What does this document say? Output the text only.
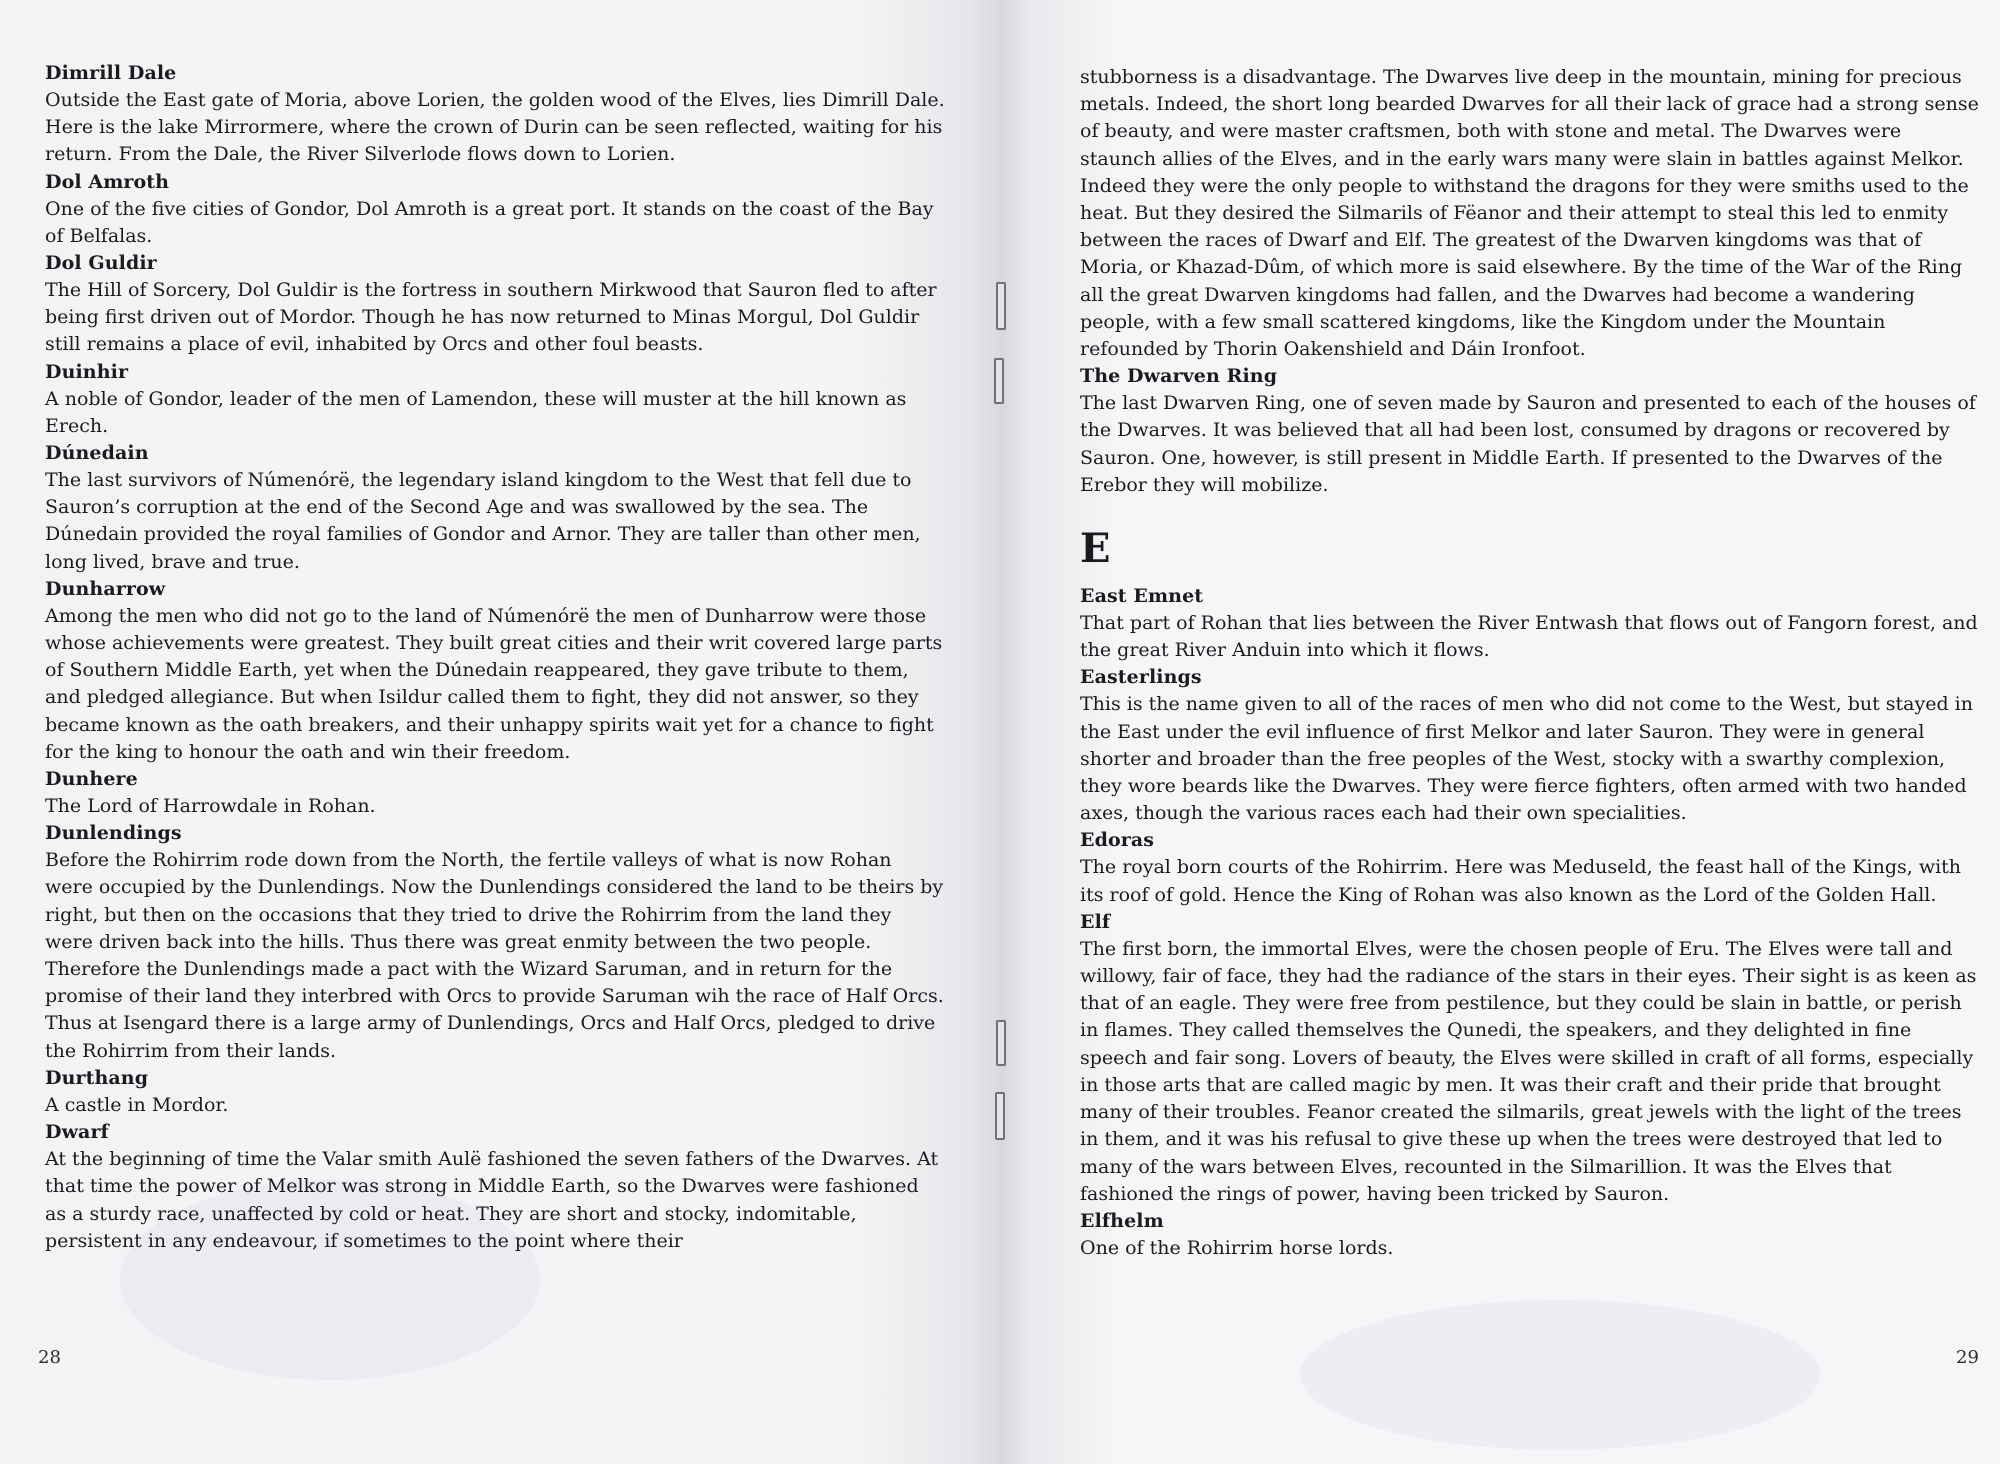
Dimrill Dale

Outside the East gate of Moria, above Lorien, the golden wood of the Elves, lies Dimrill Dale. Here is the lake Mirrormere, where the crown of Durin can be seen reflected, waiting for his return. From the Dale, the River Silverlode flows down to Lorien.

Dol Amroth

One of the five cities of Gondor, Dol Amroth is a great port. It stands on the coast of the Bay of Belfalas.

Dol Guldir

The Hill of Sorcery, Dol Guldir is the fortress in southern Mirkwood that Sauron fled to after being first driven out of Mordor. Though he has now returned to Minas Morgul, Dol Guldir still remains a place of evil, inhabited by Orcs and other foul beasts.

Duinhir

A noble of Gondor, leader of the men of Lamendon, these will muster at the hill known as Erech.

Dúnedain

The last survivors of Númenórë, the legendary island kingdom to the West that fell due to Sauron’s corruption at the end of the Second Age and was swallowed by the sea. The Dúnedain provided the royal families of Gondor and Arnor. They are taller than other men, long lived, brave and true.

Dunharrow

Among the men who did not go to the land of Númenórë the men of Dunharrow were those whose achievements were greatest. They built great cities and their writ covered large parts of Southern Middle Earth, yet when the Dúnedain reappeared, they gave tribute to them, and pledged allegiance. But when Isildur called them to fight, they did not answer, so they became known as the oath breakers, and their unhappy spirits wait yet for a chance to fight for the king to honour the oath and win their freedom.

Dunhere

The Lord of Harrowdale in Rohan.

Dunlendings

Before the Rohirrim rode down from the North, the fertile valleys of what is now Rohan were occupied by the Dunlendings. Now the Dunlendings considered the land to be theirs by right, but then on the occasions that they tried to drive the Rohirrim from the land they were driven back into the hills. Thus there was great enmity between the two people. Therefore the Dunlendings made a pact with the Wizard Saruman, and in return for the promise of their land they interbred with Orcs to provide Saruman wih the race of Half Orcs. Thus at Isengard there is a large army of Dunlendings, Orcs and Half Orcs, pledged to drive the Rohirrim from their lands.

Durthang

A castle in Mordor.

Dwarf

At the beginning of time the Valar smith Aulë fashioned the seven fathers of the Dwarves. At that time the power of Melkor was strong in Middle Earth, so the Dwarves were fashioned as a sturdy race, unaffected by cold or heat. They are short and stocky, indomitable, persistent in any endeavour, if sometimes to the point where their

28

stubborness is a disadvantage. The Dwarves live deep in the mountain, mining for precious metals. Indeed, the short long bearded Dwarves for all their lack of grace had a strong sense of beauty, and were master craftsmen, both with stone and metal. The Dwarves were staunch allies of the Elves, and in the early wars many were slain in battles against Melkor. Indeed they were the only people to withstand the dragons for they were smiths used to the heat. But they desired the Silmarils of Fëanor and their attempt to steal this led to enmity between the races of Dwarf and Elf. The greatest of the Dwarven kingdoms was that of Moria, or Khazad-Dûm, of which more is said elsewhere. By the time of the War of the Ring all the great Dwarven kingdoms had fallen, and the Dwarves had become a wandering people, with a few small scattered kingdoms, like the Kingdom under the Mountain refounded by Thorin Oakenshield and Dáin Ironfoot.

The Dwarven Ring

The last Dwarven Ring, one of seven made by Sauron and presented to each of the houses of the Dwarves. It was believed that all had been lost, consumed by dragons or recovered by Sauron. One, however, is still present in Middle Earth. If presented to the Dwarves of the Erebor they will mobilize.

E

East Emnet

That part of Rohan that lies between the River Entwash that flows out of Fangorn forest, and the great River Anduin into which it flows.

Easterlings

This is the name given to all of the races of men who did not come to the West, but stayed in the East under the evil influence of first Melkor and later Sauron. They were in general shorter and broader than the free peoples of the West, stocky with a swarthy complexion, they wore beards like the Dwarves. They were fierce fighters, often armed with two handed axes, though the various races each had their own specialities.

Edoras

The royal born courts of the Rohirrim. Here was Meduseld, the feast hall of the Kings, with its roof of gold. Hence the King of Rohan was also known as the Lord of the Golden Hall.

Elf

The first born, the immortal Elves, were the chosen people of Eru. The Elves were tall and willowy, fair of face, they had the radiance of the stars in their eyes. Their sight is as keen as that of an eagle. They were free from pestilence, but they could be slain in battle, or perish in flames. They called themselves the Qunedi, the speakers, and they delighted in fine speech and fair song. Lovers of beauty, the Elves were skilled in craft of all forms, especially in those arts that are called magic by men. It was their craft and their pride that brought many of their troubles. Feanor created the silmarils, great jewels with the light of the trees in them, and it was his refusal to give these up when the trees were destroyed that led to many of the wars between Elves, recounted in the Silmarillion. It was the Elves that fashioned the rings of power, having been tricked by Sauron.

Elfhelm

One of the Rohirrim horse lords.

29
